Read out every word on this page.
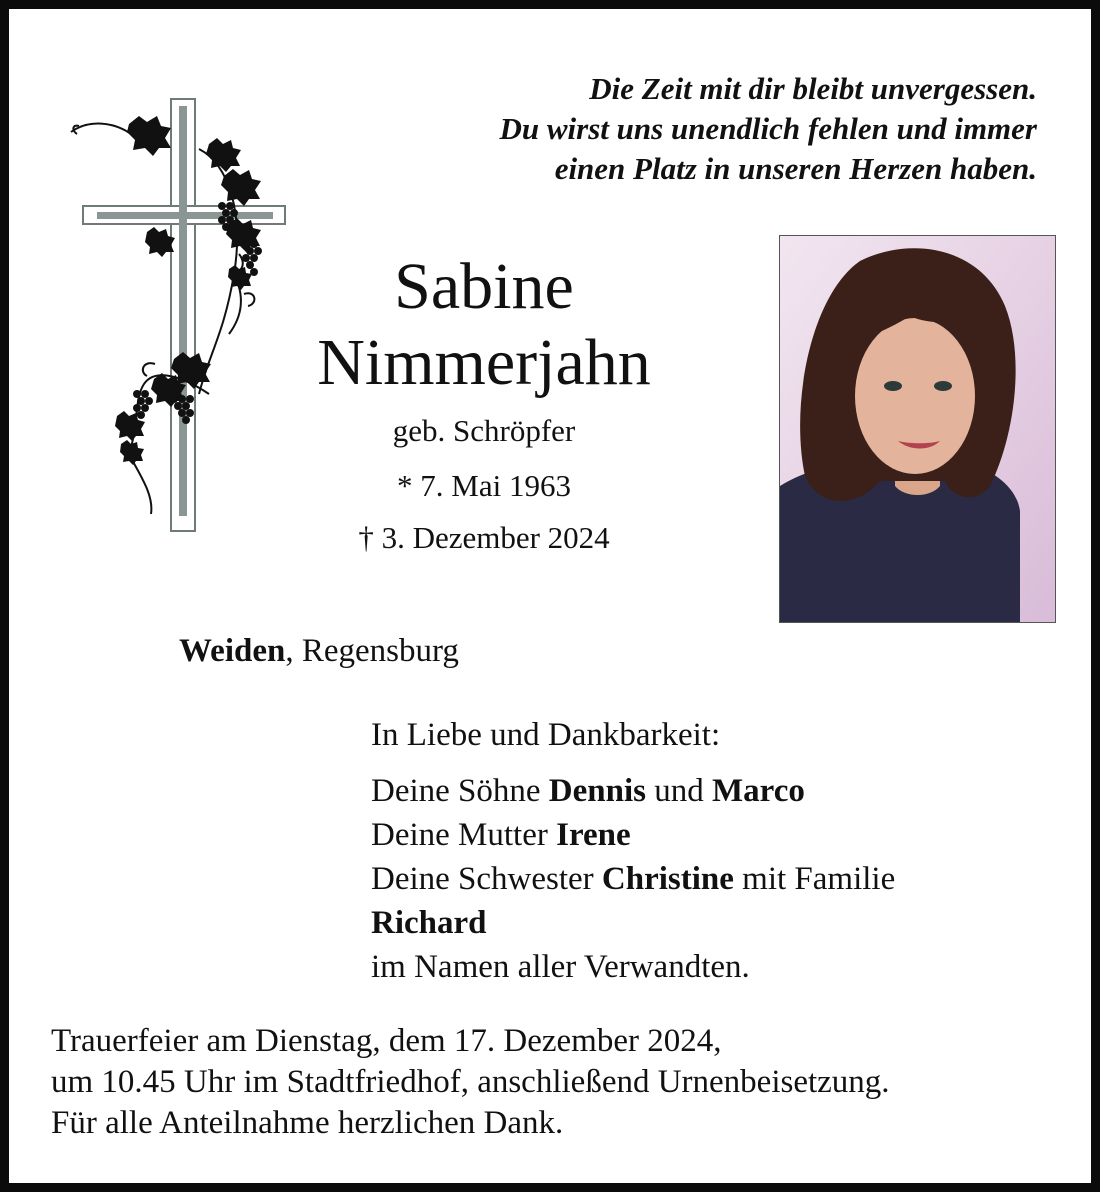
Die Zeit mit dir bleibt unvergessen.
Du wirst uns unendlich fehlen und immer
einen Platz in unseren Herzen haben.
Sabine
Nimmerjahn
geb. Schröpfer
* 7. Mai 1963
† 3. Dezember 2024
Weiden, Regensburg
In Liebe und Dankbarkeit:
Deine Söhne Dennis und Marco
Deine Mutter Irene
Deine Schwester Christine mit Familie
Richard
im Namen aller Verwandten.
Trauerfeier am Dienstag, dem 17. Dezember 2024,
um 10.45 Uhr im Stadtfriedhof, anschließend Urnenbeisetzung.
Für alle Anteilnahme herzlichen Dank.
